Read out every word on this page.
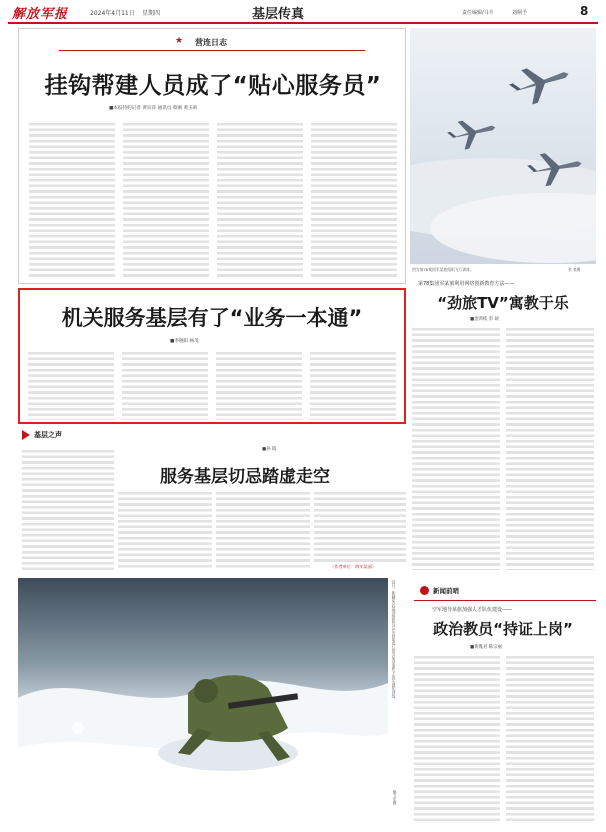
解放军报	2024年4月11日 星期四	基层传真	责任编辑/马升	刘栩予	8
★ 营连日志
挂钩帮建人员成了“贴心服务员”
■本报特约记者 黄钰萍 通讯员 蔡刚 黄玉莉
图为第78集团军某旅组织飞行训练。	张 豪摄
机关服务基层有了“业务一本通”
■李晓阳 杨茂
第78集团军某旅利用网络创新教育方法——
“劲旅TV”寓教于乐
■金鸿岐 彭 硕
基层之声
服务基层切忌踏虚走空
■孙 钺
（作者单位：海军某部）
近日，新疆军区某部组织官兵在高原进行冰雪复杂条件下的实战化训练。
熊卫军摄
新闻前哨
空军地导某旅加强人才队伍建设——
政治教员“持证上岗”
■黄胤君 陈宗丽
